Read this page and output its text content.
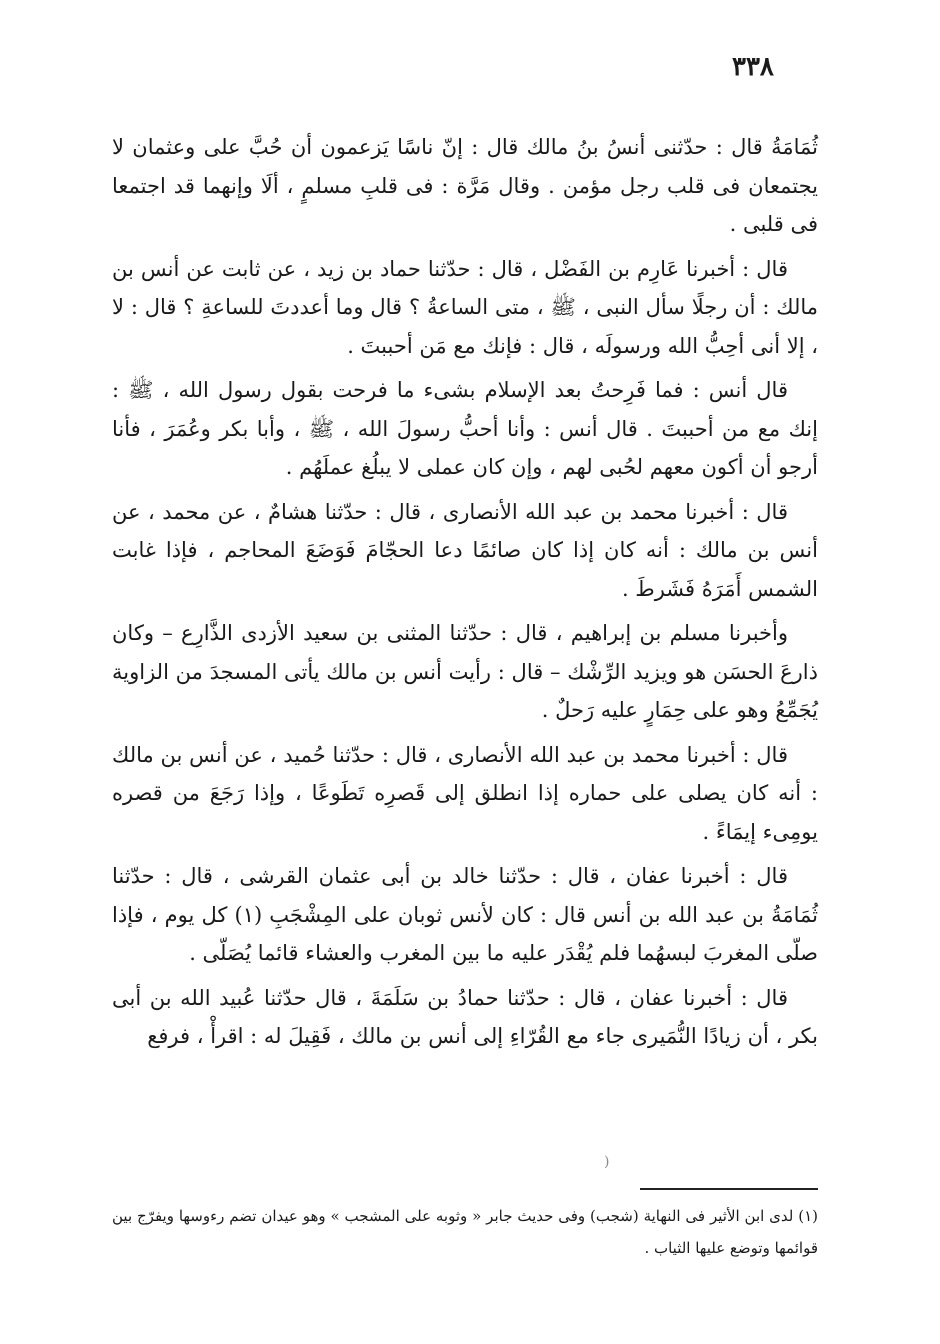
٣٣٨

ثُمَامَةُ قال : حدّثنى أنسُ بنُ مالك قال : إنّ ناسًا يَزعمون أن حُبَّ على وعثمان لا يجتمعان فى قلب رجل مؤمن . وقال مَرَّة : فى قلبِ مسلمٍ ، ألَا وإنهما قد اجتمعا فى قلبى .

قال : أخبرنا عَارِم بن الفَضْل ، قال : حدّثنا حماد بن زيد ، عن ثابت عن أنس بن مالك : أن رجلًا سأل النبى ، ﷺ ، متى الساعةُ ؟ قال وما أعددتَ للساعةِ ؟ قال : لا ، إلا أنى أحِبُّ الله ورسولَه ، قال : فإنك مع مَن أحببتَ .

قال أنس : فما فَرِحتُ بعد الإسلام بشىء ما فرحت بقول رسول الله ، ﷺ : إنك مع من أحببتَ . قال أنس : وأنا أحبُّ رسولَ الله ، ﷺ ، وأبا بكر وعُمَرَ ، فأنا أرجو أن أكون معهم لحُبى لهم ، وإن كان عملى لا يبلُغ عملَهُم .

قال : أخبرنا محمد بن عبد الله الأنصارى ، قال : حدّثنا هشامٌ ، عن محمد ، عن أنس بن مالك : أنه كان إذا كان صائمًا دعا الحجّامَ فَوَضَعَ المحاجم ، فإذا غابت الشمس أَمَرَهُ فَشَرطَ .

وأخبرنا مسلم بن إبراهيم ، قال : حدّثنا المثنى بن سعيد الأزدى الذَّارِع – وكان ذارعَ الحسَن هو ويزيد الرِّشْك – قال : رأيت أنس بن مالك يأتى المسجدَ من الزاوية يُجَمِّعُ وهو على حِمَارٍ عليه رَحلٌ .

قال : أخبرنا محمد بن عبد الله الأنصارى ، قال : حدّثنا حُميد ، عن أنس بن مالك : أنه كان يصلى على حماره إذا انطلق إلى قَصرِه تَطَوعًا ، وإذا رَجَعَ من قصره يومِىء إيمَاءً .

قال : أخبرنا عفان ، قال : حدّثنا خالد بن أبى عثمان القرشى ، قال : حدّثنا ثُمَامَةُ بن عبد الله بن أنس قال : كان لأنس ثوبان على المِشْجَبِ (١) كل يوم ، فإذا صلّى المغربَ لبسهُما فلم يُقْدَر عليه ما بين المغرب والعشاء قائما يُصَلّى .

قال : أخبرنا عفان ، قال : حدّثنا حمادُ بن سَلَمَةَ ، قال حدّثنا عُبيد الله بن أبى بكر ، أن زيادًا النُّمَيرى جاء مع القُرّاءِ إلى أنس بن مالك ، فَقِيلَ له : اقرأْ ، فرفع

)

(١) لدى ابن الأثير فى النهاية (شجب) وفى حديث جابر « وثوبه على المشجب » وهو عيدان تضم رءوسها ويفرّج بين قوائمها وتوضع عليها الثياب .
